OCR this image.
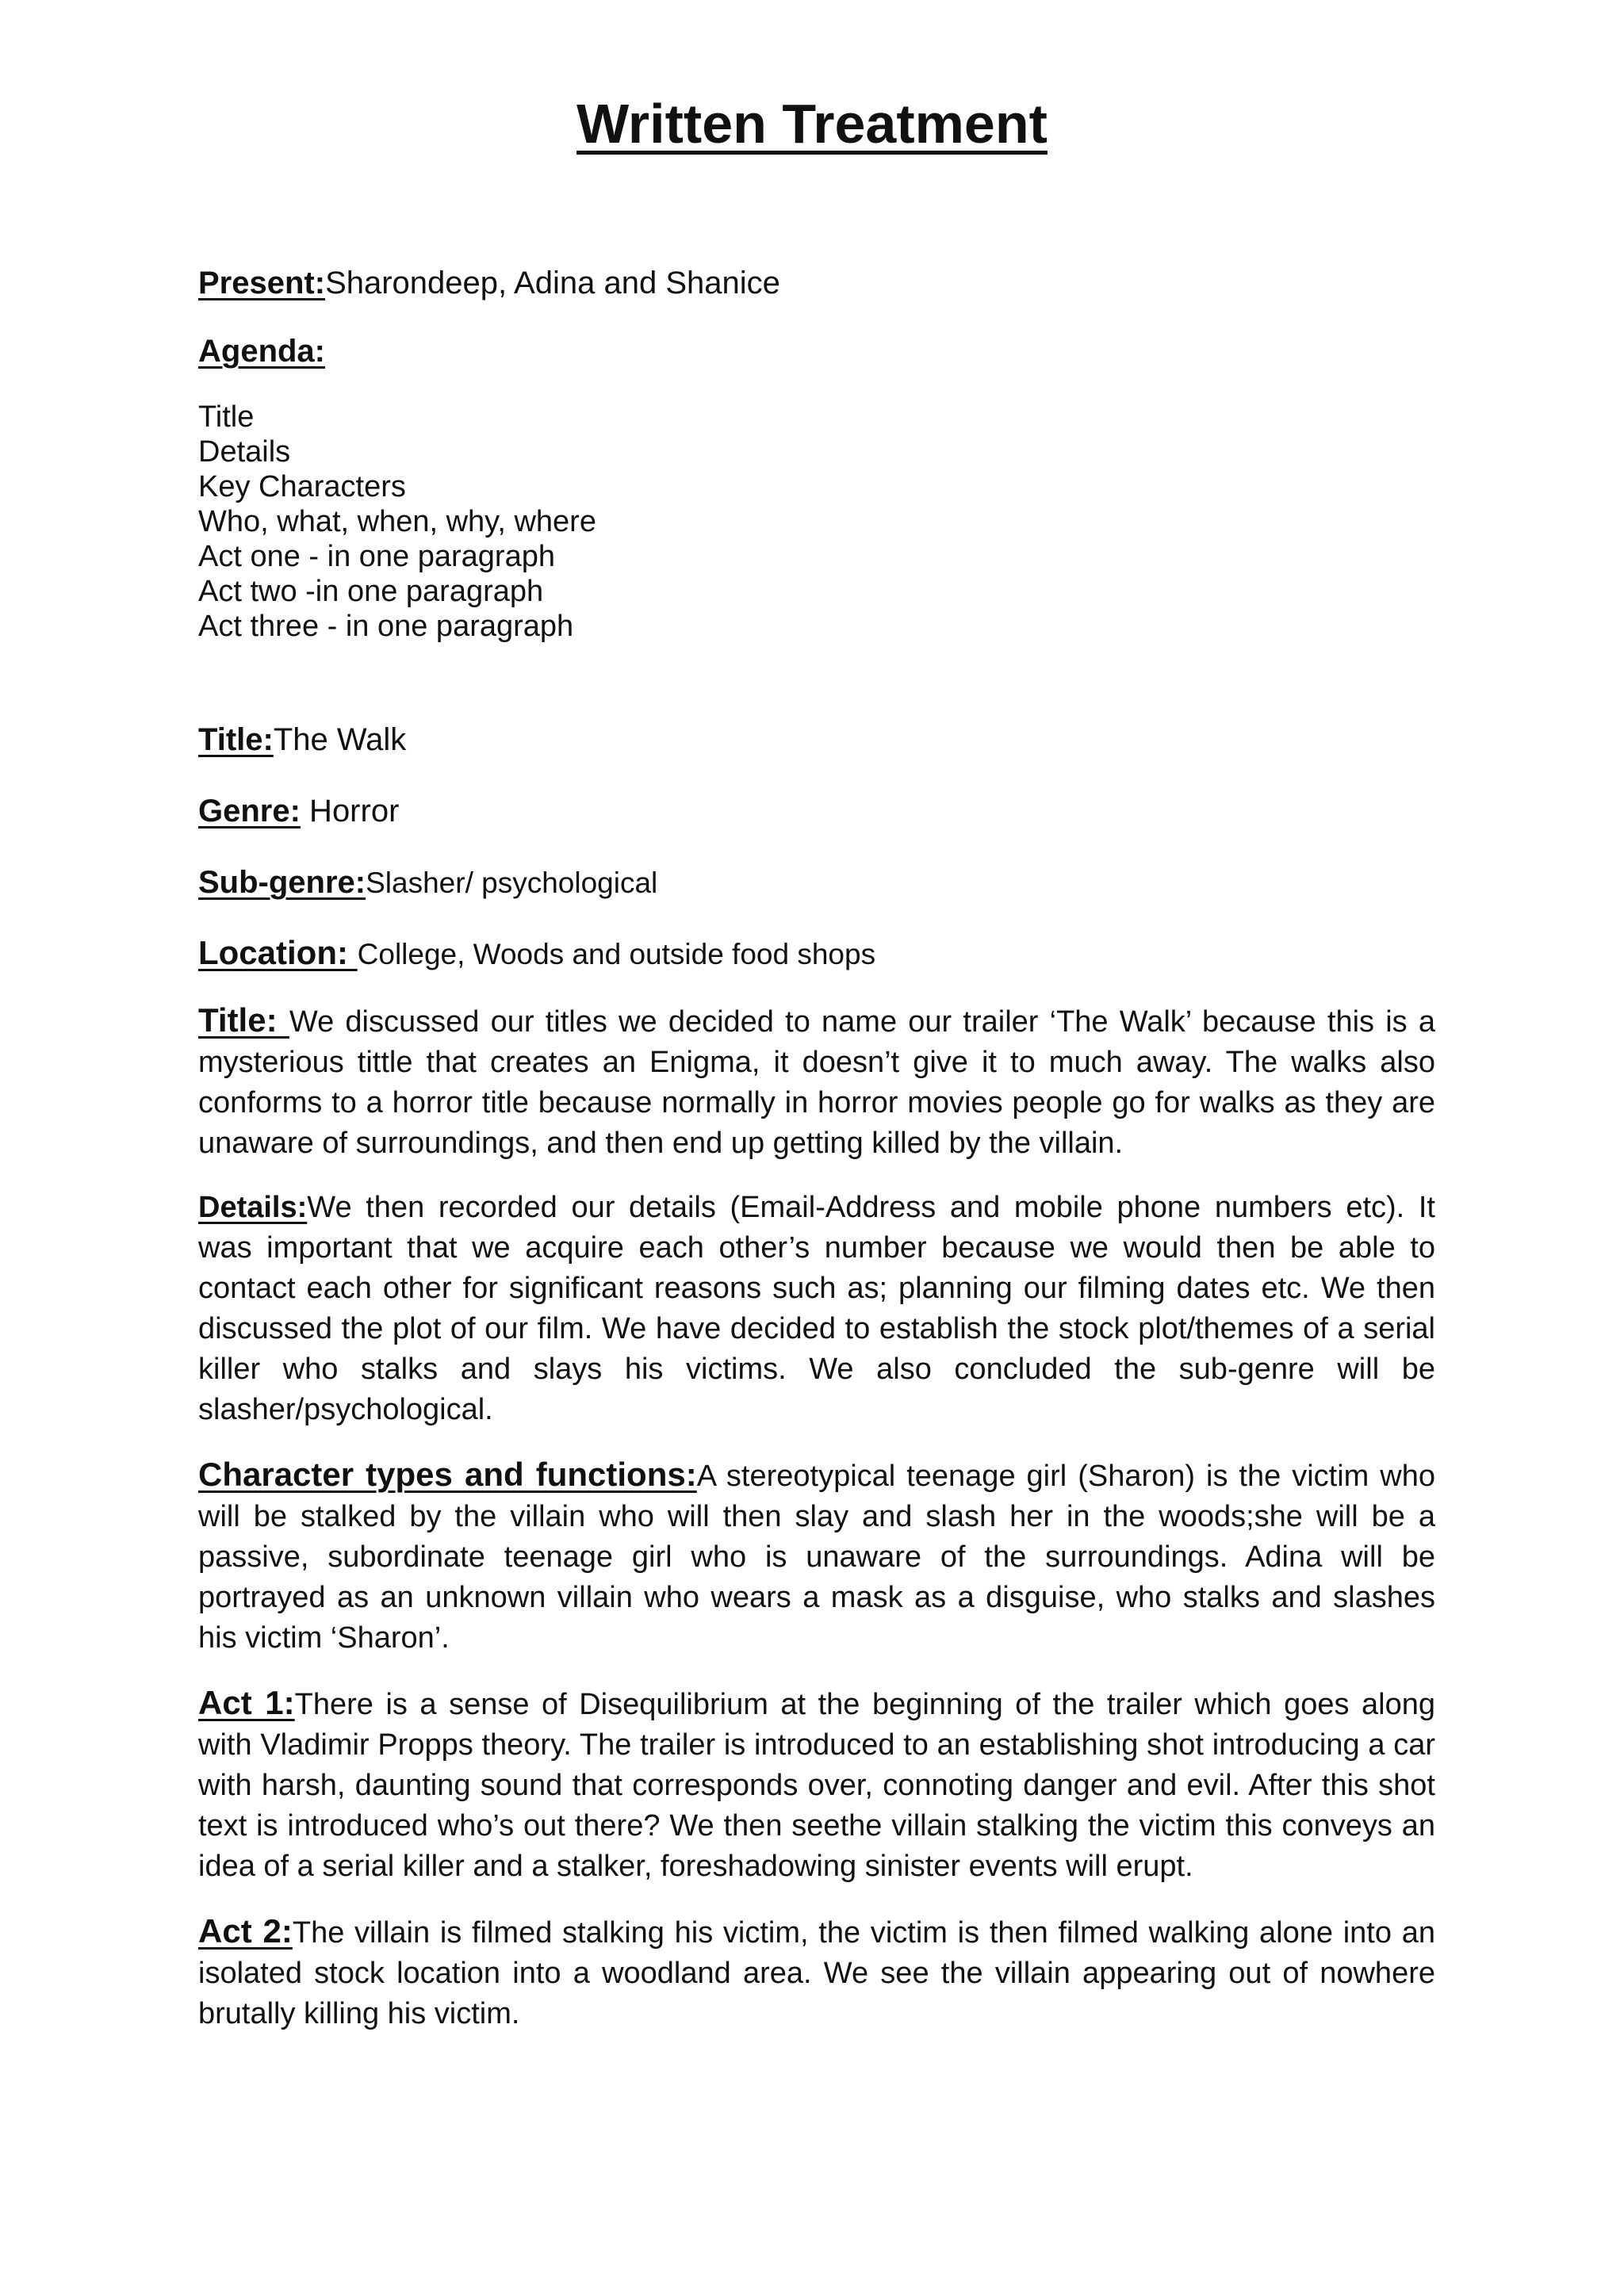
Written Treatment

Present:Sharondeep, Adina and Shanice

Agenda:

Title
Details
Key Characters
Who, what, when, why, where
Act one - in one paragraph
Act two -in one paragraph
Act three - in one paragraph

Title:The Walk

Genre: Horror

Sub-genre:Slasher/ psychological

Location: College, Woods and outside food shops

Title: We discussed our titles we decided to name our trailer ‘The Walk’ because this is a mysterious tittle that creates an Enigma, it doesn’t give it to much away. The walks also conforms to a horror title because normally in horror movies people go for walks as they are unaware of surroundings, and then end up getting killed by the villain.

Details:We then recorded our details (Email-Address and mobile phone numbers etc). It was important that we acquire each other’s number because we would then be able to contact each other for significant reasons such as; planning our filming dates etc. We then discussed the plot of our film. We have decided to establish the stock plot/themes of a serial killer who stalks and slays his victims. We also concluded the sub-genre will be slasher/psychological.

Character types and functions:A stereotypical teenage girl (Sharon) is the victim who will be stalked by the villain who will then slay and slash her in the woods;she will be a passive, subordinate teenage girl who is unaware of the surroundings. Adina will be portrayed as an unknown villain who wears a mask as a disguise, who stalks and slashes his victim ‘Sharon’.

Act 1:There is a sense of Disequilibrium at the beginning of the trailer which goes along with Vladimir Propps theory. The trailer is introduced to an establishing shot introducing a car with harsh, daunting sound that corresponds over, connoting danger and evil. After this shot text is introduced who’s out there? We then seethe villain stalking the victim this conveys an idea of a serial killer and a stalker, foreshadowing sinister events will erupt.

Act 2:The villain is filmed stalking his victim, the victim is then filmed walking alone into an isolated stock location into a woodland area. We see the villain appearing out of nowhere brutally killing his victim.
